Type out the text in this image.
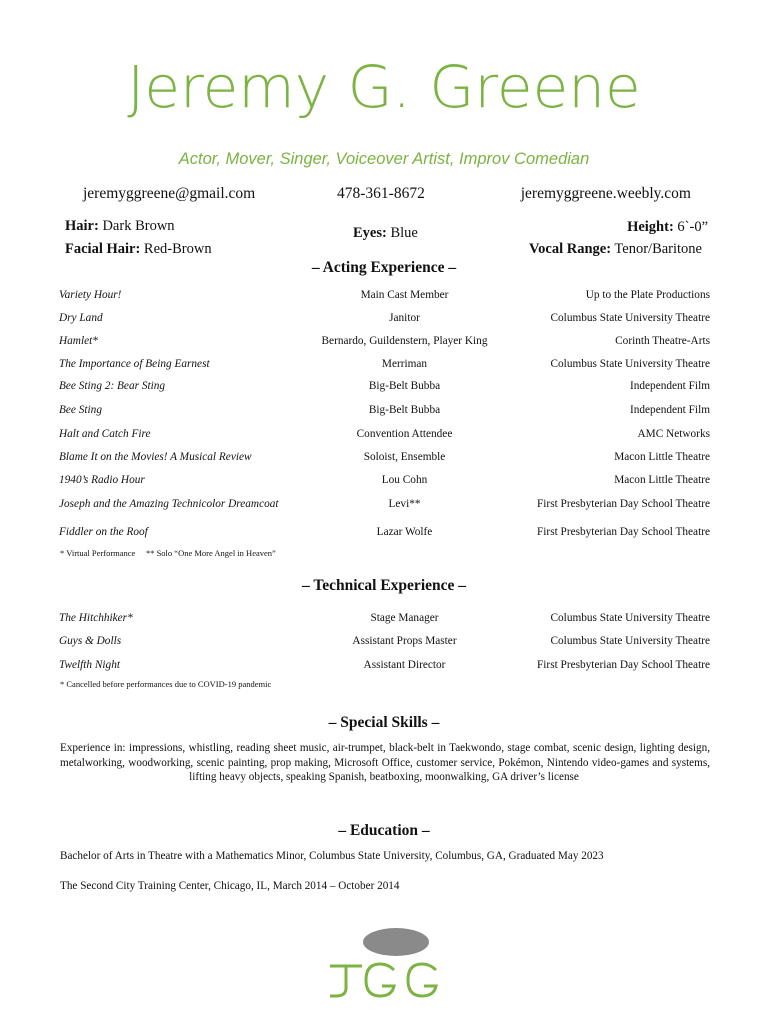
Jeremy G. Greene
Actor, Mover, Singer, Voiceover Artist, Improv Comedian
jeremyggreene@gmail.com	478-361-8672	jeremyggreene.weebly.com
Hair: Dark Brown
Facial Hair: Red-Brown
Eyes: Blue	Height: 6`-0”
Vocal Range: Tenor/Baritone
– Acting Experience –
Variety Hour!	Main Cast Member	Up to the Plate Productions
Dry Land	Janitor	Columbus State University Theatre
Hamlet*	Bernardo, Guildenstern, Player King	Corinth Theatre-Arts
The Importance of Being Earnest	Merriman	Columbus State University Theatre
Bee Sting 2: Bear Sting	Big-Belt Bubba	Independent Film
Bee Sting	Big-Belt Bubba	Independent Film
Halt and Catch Fire	Convention Attendee	AMC Networks
Blame It on the Movies! A Musical Review	Soloist, Ensemble	Macon Little Theatre
1940’s Radio Hour	Lou Cohn	Macon Little Theatre
Joseph and the Amazing Technicolor Dreamcoat	Levi**	First Presbyterian Day School Theatre
Fiddler on the Roof	Lazar Wolfe	First Presbyterian Day School Theatre
* Virtual Performance     ** Solo “One More Angel in Heaven”
– Technical Experience –
The Hitchhiker*	Stage Manager	Columbus State University Theatre
Guys & Dolls	Assistant Props Master	Columbus State University Theatre
Twelfth Night	Assistant Director	First Presbyterian Day School Theatre
* Cancelled before performances due to COVID-19 pandemic
– Special Skills –
Experience in: impressions, whistling, reading sheet music, air-trumpet, black-belt in Taekwondo, stage combat, scenic design, lighting design, metalworking, woodworking, scenic painting, prop making, Microsoft Office, customer service, Pokémon, Nintendo video-games and systems,
lifting heavy objects, speaking Spanish, beatboxing, moonwalking, GA driver’s license
– Education –
Bachelor of Arts in Theatre with a Mathematics Minor, Columbus State University, Columbus, GA, Graduated May 2023
The Second City Training Center, Chicago, IL, March 2014 – October 2014
